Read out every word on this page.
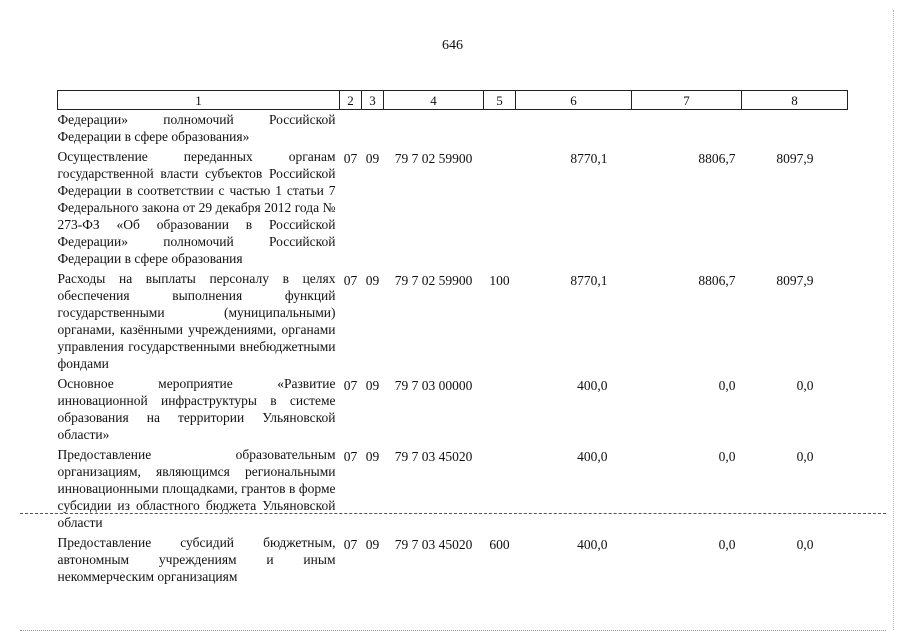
646
1	2	3	4	5	6	7	8
Федерации» полномочий Российской Федерации в сфере образования»							
Осуществление переданных органам государственной власти субъектов Российской Федерации в соответствии с частью 1 статьи 7 Федерального закона от 29 декабря 2012 года № 273-ФЗ «Об образовании в Российской Федерации» полномочий Российской Федерации в сфере образования	07	09	79 7 02 59900		8770,1	8806,7	8097,9
Расходы на выплаты персоналу в целях обеспечения выполнения функций государственными (муниципальными) органами, казёнными учреждениями, органами управления государственными внебюджетными фондами	07	09	79 7 02 59900	100	8770,1	8806,7	8097,9
Основное мероприятие «Развитие инновационной инфраструктуры в системе образования на территории Ульяновской области»	07	09	79 7 03 00000		400,0	0,0	0,0
Предоставление образовательным организациям, являющимся региональными инновационными площадками, грантов в форме субсидии из областного бюджета Ульяновской области	07	09	79 7 03 45020		400,0	0,0	0,0
Предоставление субсидий бюджетным, автономным учреждениям и иным некоммерческим организациям	07	09	79 7 03 45020	600	400,0	0,0	0,0
